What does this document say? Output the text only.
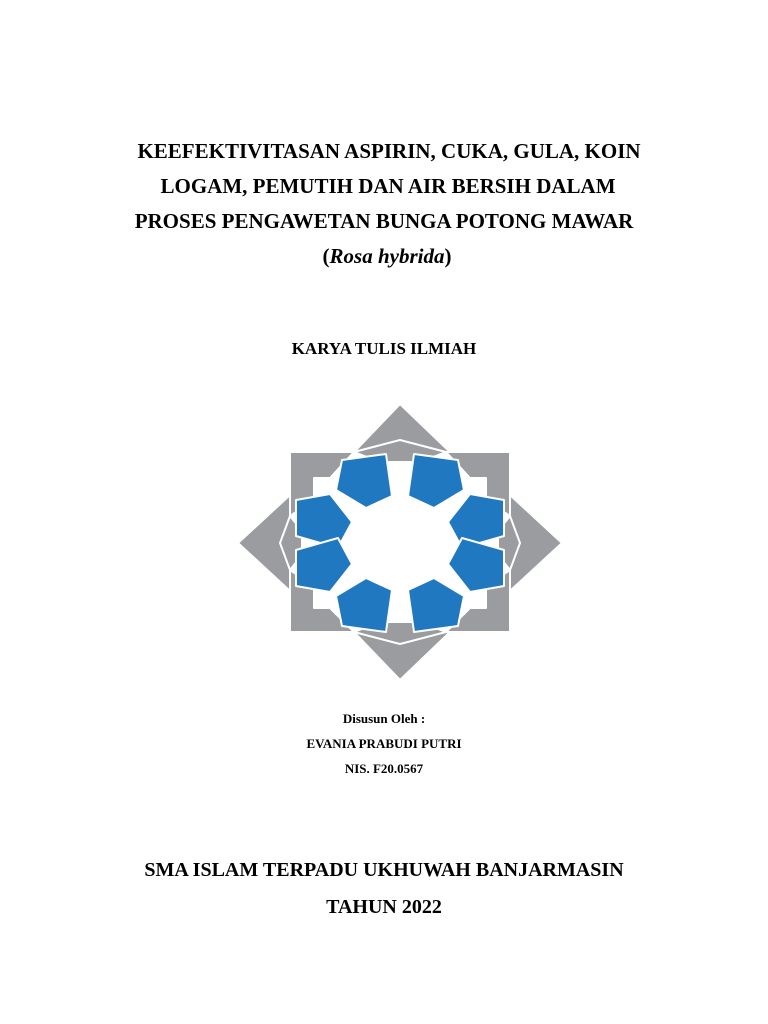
KEEFEKTIVITASAN ASPIRIN, CUKA, GULA, KOIN
LOGAM, PEMUTIH DAN AIR BERSIH DALAM
PROSES PENGAWETAN BUNGA POTONG MAWAR
(Rosa hybrida)
KARYA TULIS ILMIAH
Disusun Oleh :
EVANIA PRABUDI PUTRI
NIS. F20.0567
SMA ISLAM TERPADU UKHUWAH BANJARMASIN
TAHUN 2022
